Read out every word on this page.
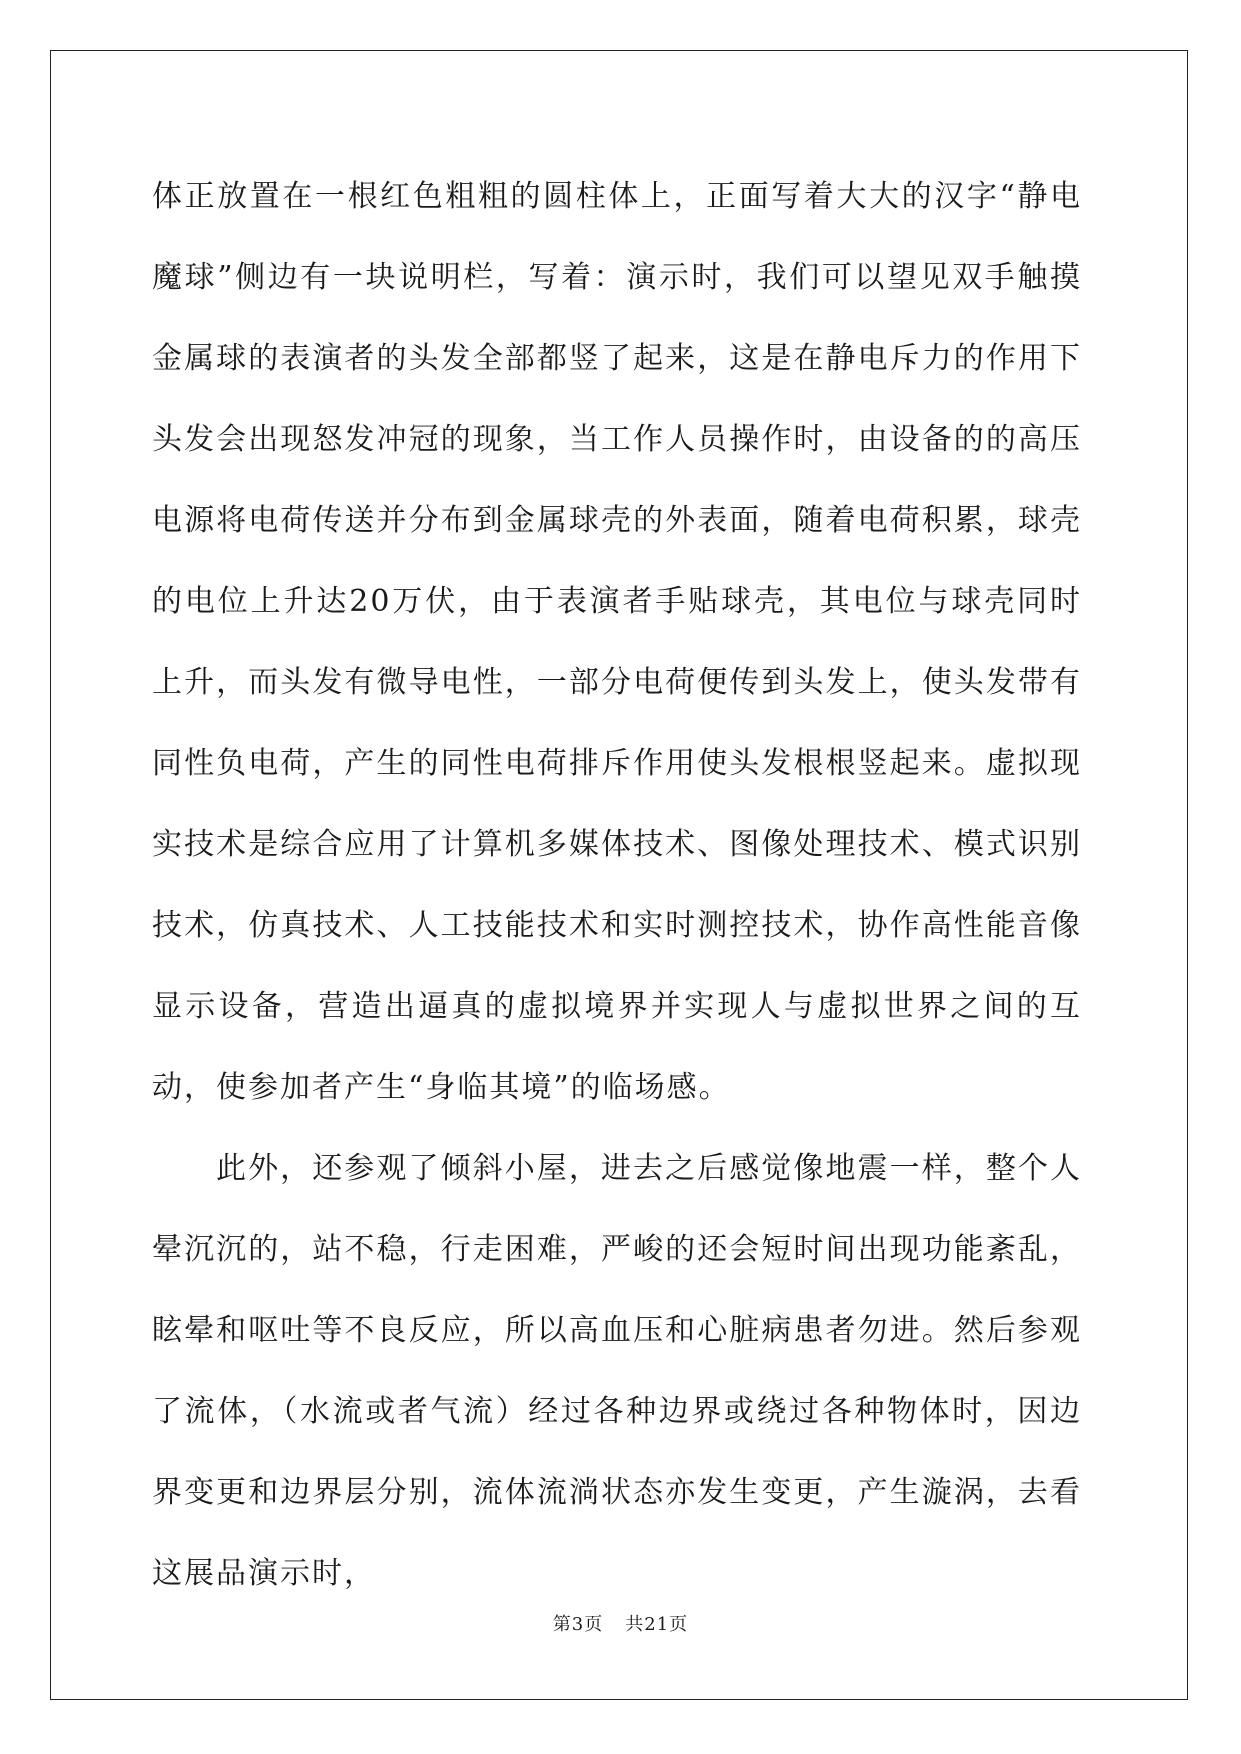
体正放置在一根红色粗粗的圆柱体上，正面写着大大的汉字“静电魔球”侧边有一块说明栏，写着：演示时，我们可以望见双手触摸金属球的表演者的头发全部都竖了起来，这是在静电斥力的作用下头发会出现怒发冲冠的现象，当工作人员操作时，由设备的的高压电源将电荷传送并分布到金属球壳的外表面，随着电荷积累，球壳的电位上升达20万伏，由于表演者手贴球壳，其电位与球壳同时上升，而头发有微导电性，一部分电荷便传到头发上，使头发带有同性负电荷，产生的同性电荷排斥作用使头发根根竖起来。虚拟现实技术是综合应用了计算机多媒体技术、图像处理技术、模式识别技术，仿真技术、人工技能技术和实时测控技术，协作高性能音像显示设备，营造出逼真的虚拟境界并实现人与虚拟世界之间的互动，使参加者产生“身临其境”的临场感。

此外，还参观了倾斜小屋，进去之后感觉像地震一样，整个人晕沉沉的，站不稳，行走困难，严峻的还会短时间出现功能紊乱，眩晕和呕吐等不良反应，所以高血压和心脏病患者勿进。然后参观了流体，（水流或者气流）经过各种边界或绕过各种物体时，因边界变更和边界层分别，流体流淌状态亦发生变更，产生漩涡，去看这展品演示时，

第3页 共21页
